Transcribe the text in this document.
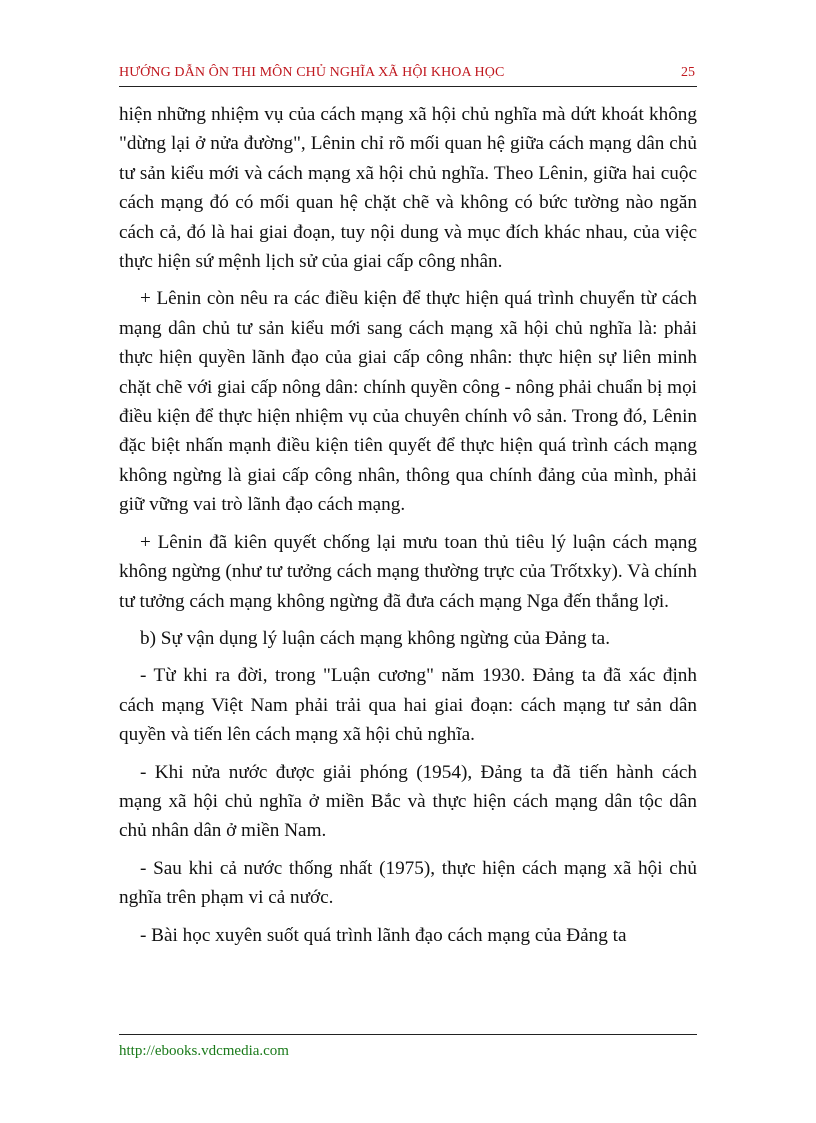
HƯỚNG DẪN ÔN THI MÔN CHỦ NGHĨA XÃ HỘI KHOA HỌC	25

hiện những nhiệm vụ của cách mạng xã hội chủ nghĩa mà dứt khoát không "dừng lại ở nửa đường", Lênin chỉ rõ mối quan hệ giữa cách mạng dân chủ tư sản kiểu mới và cách mạng xã hội chủ nghĩa. Theo Lênin, giữa hai cuộc cách mạng đó có mối quan hệ chặt chẽ và không có bức tường nào ngăn cách cả, đó là hai giai đoạn, tuy nội dung và mục đích khác nhau, của việc thực hiện sứ mệnh lịch sử của giai cấp công nhân.

+ Lênin còn nêu ra các điều kiện để thực hiện quá trình chuyển từ cách mạng dân chủ tư sản kiểu mới sang cách mạng xã hội chủ nghĩa là: phải thực hiện quyền lãnh đạo của giai cấp công nhân: thực hiện sự liên minh chặt chẽ với giai cấp nông dân: chính quyền công - nông phải chuẩn bị mọi điều kiện để thực hiện nhiệm vụ của chuyên chính vô sản. Trong đó, Lênin đặc biệt nhấn mạnh điều kiện tiên quyết để thực hiện quá trình cách mạng không ngừng là giai cấp công nhân, thông qua chính đảng của mình, phải giữ vững vai trò lãnh đạo cách mạng.

+ Lênin đã kiên quyết chống lại mưu toan thủ tiêu lý luận cách mạng không ngừng (như tư tưởng cách mạng thường trực của Trốtxky). Và chính tư tưởng cách mạng không ngừng đã đưa cách mạng Nga đến thắng lợi.

b) Sự vận dụng lý luận cách mạng không ngừng của Đảng ta.

- Từ khi ra đời, trong "Luận cương" năm 1930. Đảng ta đã xác định cách mạng Việt Nam phải trải qua hai giai đoạn: cách mạng tư sản dân quyền và tiến lên cách mạng xã hội chủ nghĩa.

- Khi nửa nước được giải phóng (1954), Đảng ta đã tiến hành cách mạng xã hội chủ nghĩa ở miền Bắc và thực hiện cách mạng dân tộc dân chủ nhân dân ở miền Nam.

- Sau khi cả nước thống nhất (1975), thực hiện cách mạng xã hội chủ nghĩa trên phạm vi cả nước.

- Bài học xuyên suốt quá trình lãnh đạo cách mạng của Đảng ta

http://ebooks.vdcmedia.com
